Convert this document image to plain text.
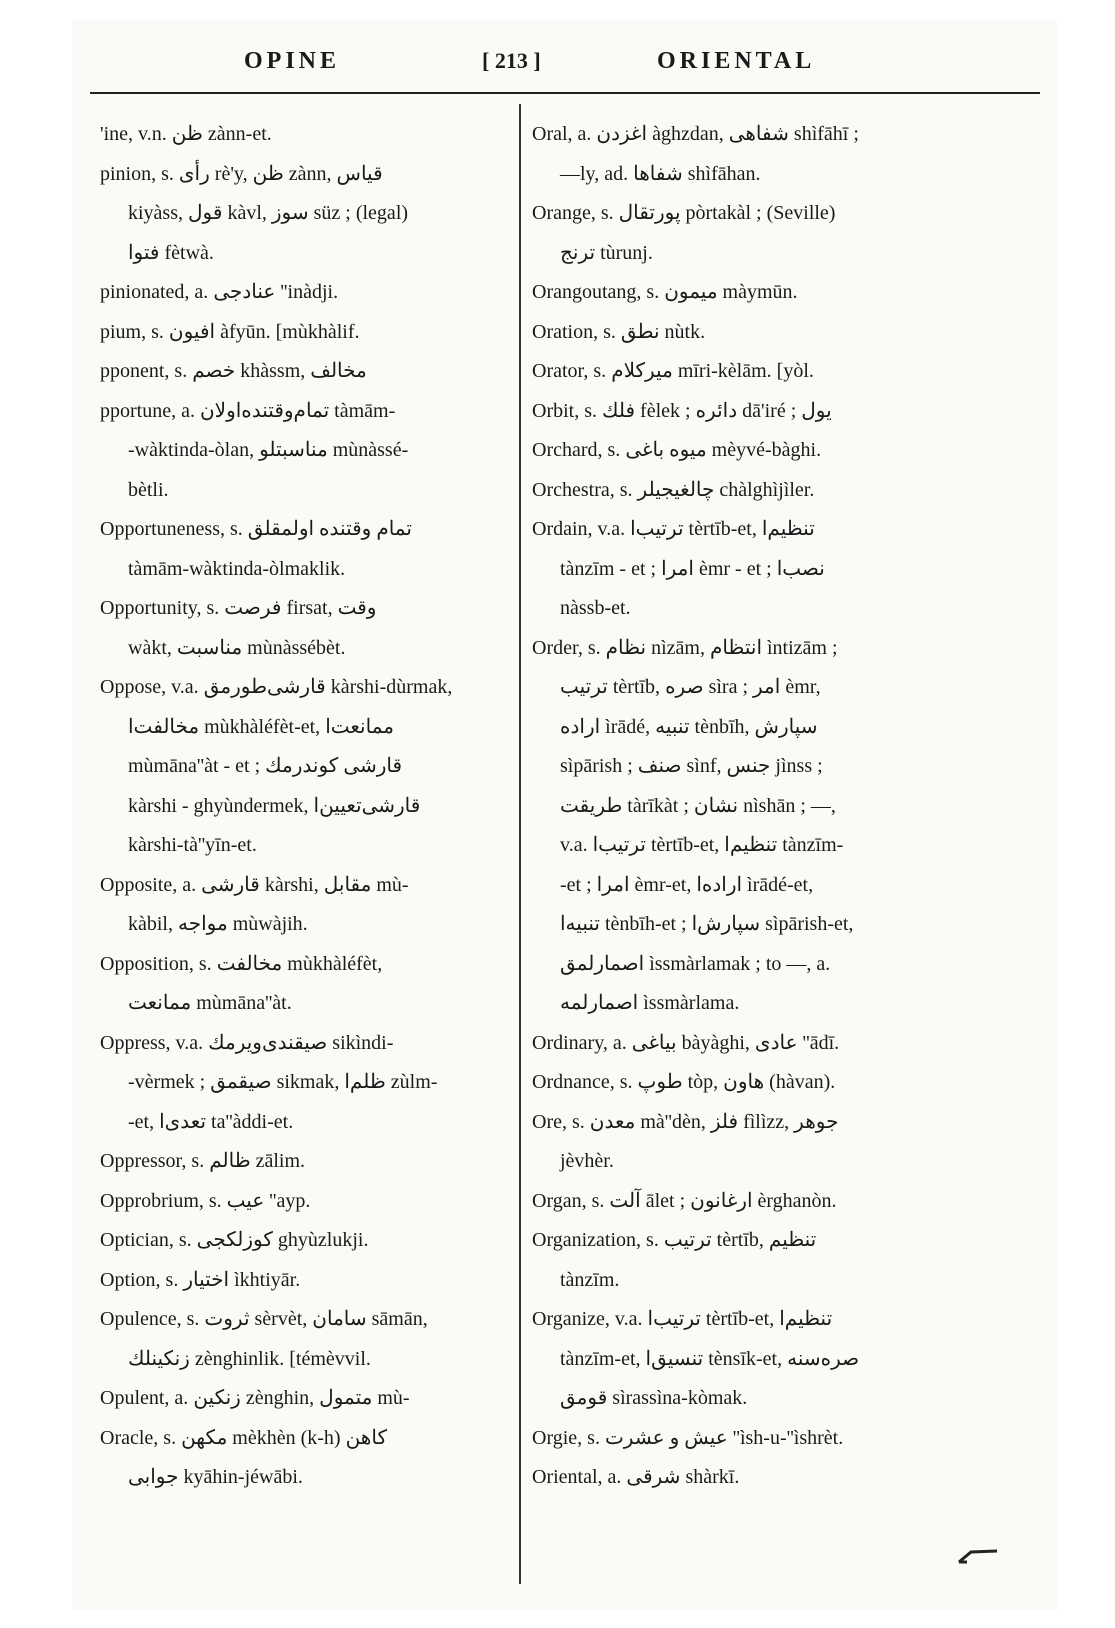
OPINE	[ 213 ]	ORIENTAL
'ine, v.n. ظن zànn-et.
pinion, s. رأى rè'y, ظن zànn, قياس
kiyàss, قول kàvl, سوز süz ; (legal)
فتوا fètwà.
pinionated, a. عنادجى ''inàdji.
pium, s. افيون àfyūn. [mùkhàlif.
pponent, s. خصم khàssm, مخالف
pportune, a. تمام‌وقتنده‌اولان tàmām-
-wàktinda-òlan, مناسبتلو mùnàssé-
bètli.
Opportuneness, s. تمام وقتنده اولمقلق
tàmām-wàktinda-òlmaklik.
Opportunity, s. فرصت firsat, وقت
wàkt, مناسبت mùnàssébèt.
Oppose, v.a. قارشى‌طورمق kàrshi-dùrmak,
مخالفت‌ا mùkhàléfèt-et, ممانعت‌ا
mùmāna''àt - et ; قارشى كوندرمك
kàrshi - ghyùndermek, قارشى‌تعيين‌ا
kàrshi-tà''yīn-et.
Opposite, a. قارشى kàrshi, مقابل mù-
kàbil, مواجه mùwàjih.
Opposition, s. مخالفت mùkhàléfèt,
ممانعت mùmāna''àt.
Oppress, v.a. صيقندى‌ويرمك sikìndi-
-vèrmek ; صيقمق sikmak, ظلم‌ا zùlm-
-et, تعدى‌ا ta''àddi-et.
Oppressor, s. ظالم zālim.
Opprobrium, s. عيب ''ayp.
Optician, s. كوزلكجى ghyùzlukji.
Option, s. اختيار ìkhtiyār.
Opulence, s. ثروت sèrvèt, سامان sāmān,
زنكينلك zènghinlik. [témèvvil.
Opulent, a. زنكين zènghin, متمول mù-
Oracle, s. مكهن mèkhèn (k-h) كاهن
جوابى kyāhin-jéwābi.
Oral, a. اغزدن àghzdan, شفاهى shìfāhī ;
—ly, ad. شفاها shìfāhan.
Orange, s. پورتقال pòrtakàl ; (Seville)
ترنج tùrunj.
Orangoutang, s. ميمون màymūn.
Oration, s. نطق nùtk.
Orator, s. ميركلام mīri-kèlām. [yòl.
Orbit, s. فلك fèlek ; دائره dā'iré ; يول
Orchard, s. ميوه باغى mèyvé-bàghi.
Orchestra, s. چالغيجيلر chàlghìjìler.
Ordain, v.a. ترتيب‌ا tèrtīb-et, تنظيم‌ا
tànzīm - et ; امر‌ا èmr - et ; نصب‌ا
nàssb-et.
Order, s. نظام nìzām, انتظام ìntizām ;
ترتيب tèrtīb, صره sìra ; امر èmr,
اراده ìrādé, تنبيه tènbīh, سپارش
sìpārish ; صنف sìnf, جنس jìnss ;
طريقت tàrīkàt ; نشان nìshān ; —,
v.a. ترتيب‌ا tèrtīb-et, تنظيم‌ا tànzīm-
-et ; امر‌ا èmr-et, اراده‌ا ìrādé-et,
تنبيه‌ا tènbīh-et ; سپارش‌ا sìpārish-et,
اصمارلمق ìssmàrlamak ; to —, a.
اصمارلمه ìssmàrlama.
Ordinary, a. بياغى bàyàghi, عادى ''ādī.
Ordnance, s. طوپ tòp, هاون (hàvan).
Ore, s. معدن mà''dèn, فلز fìlìzz, جوهر
jèvhèr.
Organ, s. آلت ālet ; ارغانون èrghanòn.
Organization, s. ترتيب tèrtīb, تنظيم
tànzīm.
Organize, v.a. ترتيب‌ا tèrtīb-et, تنظيم‌ا
tànzīm-et, تنسيق‌ا tènsīk-et, صره‌سنه
قومق sìrassìna-kòmak.
Orgie, s. عيش و عشرت ''ìsh-u-''ìshrèt.
Oriental, a. شرقى shàrkī.
